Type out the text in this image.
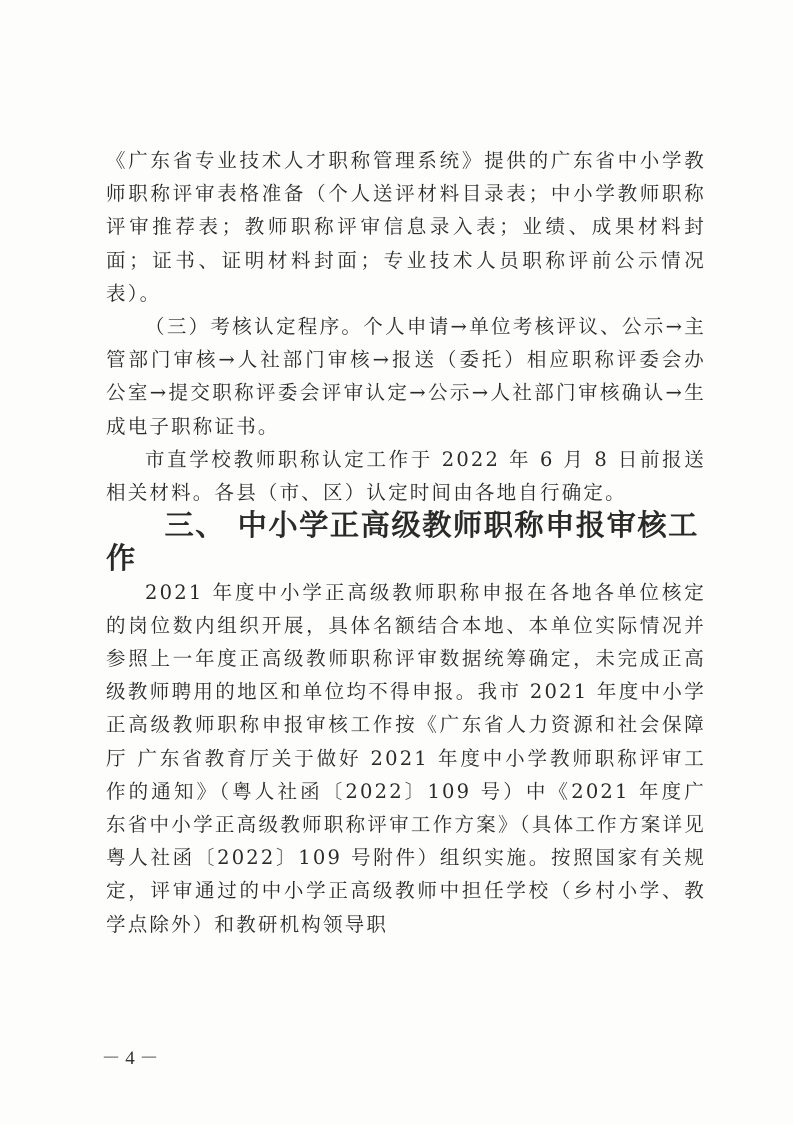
《广东省专业技术人才职称管理系统》提供的广东省中小学教师职称评审表格准备（个人送评材料目录表；中小学教师职称评审推荐表；教师职称评审信息录入表；业绩、成果材料封面；证书、证明材料封面；专业技术人员职称评前公示情况表）。

（三）考核认定程序。个人申请→单位考核评议、公示→主管部门审核→人社部门审核→报送（委托）相应职称评委会办公室→提交职称评委会评审认定→公示→人社部门审核确认→生成电子职称证书。

市直学校教师职称认定工作于 2022 年 6 月 8 日前报送相关材料。各县（市、区）认定时间由各地自行确定。

三、 中小学正高级教师职称申报审核工作

2021 年度中小学正高级教师职称申报在各地各单位核定的岗位数内组织开展，具体名额结合本地、本单位实际情况并参照上一年度正高级教师职称评审数据统筹确定，未完成正高级教师聘用的地区和单位均不得申报。我市 2021 年度中小学正高级教师职称申报审核工作按《广东省人力资源和社会保障厅 广东省教育厅关于做好 2021 年度中小学教师职称评审工作的通知》（粤人社函〔2022〕109 号）中《2021 年度广东省中小学正高级教师职称评审工作方案》（具体工作方案详见粤人社函〔2022〕109 号附件）组织实施。按照国家有关规定，评审通过的中小学正高级教师中担任学校（乡村小学、教学点除外）和教研机构领导职

－ 4 －
